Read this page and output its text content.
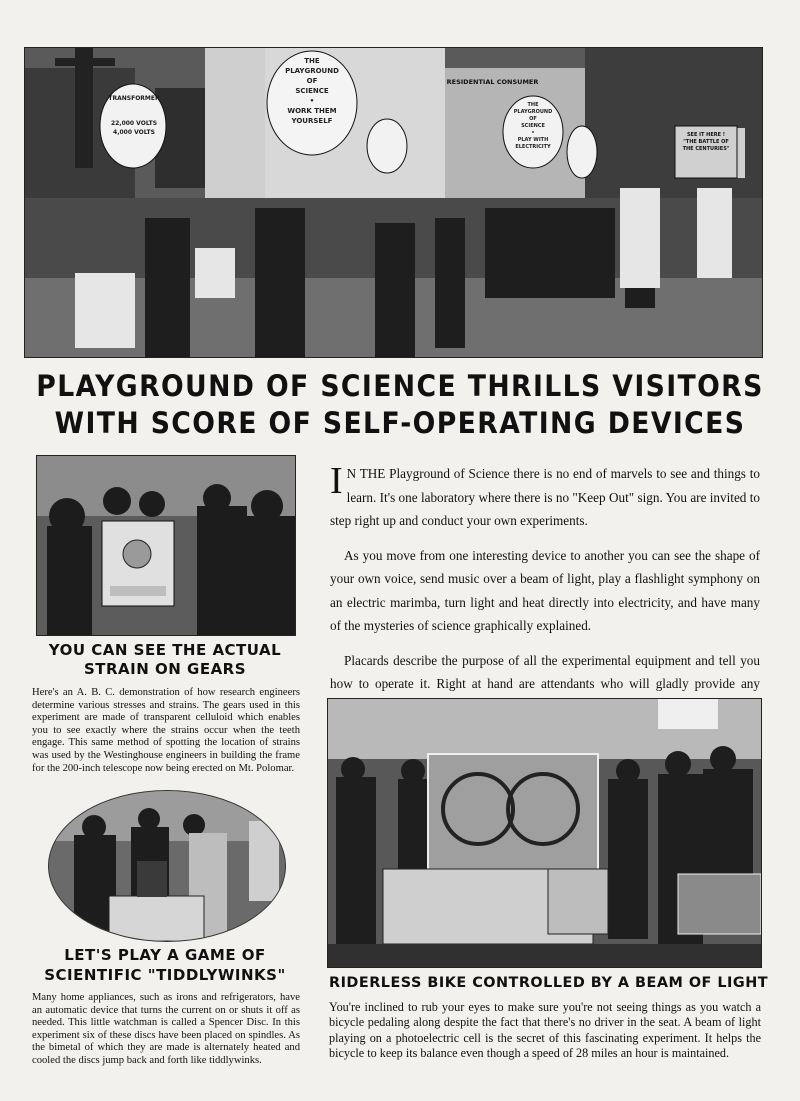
TRANSFORMER
22,000 VOLTS
4,000 VOLTS
THE
PLAYGROUND
OF
SCIENCE
•
WORK THEM
YOURSELF
RESIDENTIAL CONSUMER
THE
PLAYGROUND
OF
SCIENCE
•
PLAY WITH
ELECTRICITY
SEE IT HERE !
"THE BATTLE OF
THE CENTURIES"
PLAYGROUND OF SCIENCE THRILLS VISITORS
WITH SCORE OF SELF-OPERATING DEVICES
YOU CAN SEE THE ACTUAL
STRAIN ON GEARS
Here's an A. B. C. demonstration of how research engineers determine various stresses and strains. The gears used in this experiment are made of transparent celluloid which enables you to see exactly where the strains occur when the teeth engage. This same method of spotting the location of strains was used by the Westinghouse engineers in building the frame for the 200-inch telescope now being erected on Mt. Polomar.
LET'S PLAY A GAME OF
SCIENTIFIC "TIDDLYWINKS"
Many home appliances, such as irons and refrigerators, have an automatic device that turns the current on or shuts it off as needed. This little watchman is called a Spencer Disc. In this experiment six of these discs have been placed on spindles. As the bimetal of which they are made is alternately heated and cooled the discs jump back and forth like tiddlywinks.

I N THE Playground of Science there is no end of marvels to see and things to learn. It's one laboratory where there is no "Keep Out" sign. You are invited to step right up and conduct your own experiments.

As you move from one interesting device to another you can see the shape of your own voice, send music over a beam of light, play a flashlight symphony on an electric marimba, turn light and heat directly into electricity, and have many of the mysteries of science graphically explained.

Placards describe the purpose of all the experimental equipment and tell you how to operate it. Right at hand are attendants who will gladly provide any

RIDERLESS BIKE CONTROLLED BY A BEAM OF LIGHT
You're inclined to rub your eyes to make sure you're not seeing things as you watch a bicycle pedaling along despite the fact that there's no driver in the seat. A beam of light playing on a photoelectric cell is the secret of this fascinating experiment. It helps the bicycle to keep its balance even though a speed of 28 miles an hour is maintained.
